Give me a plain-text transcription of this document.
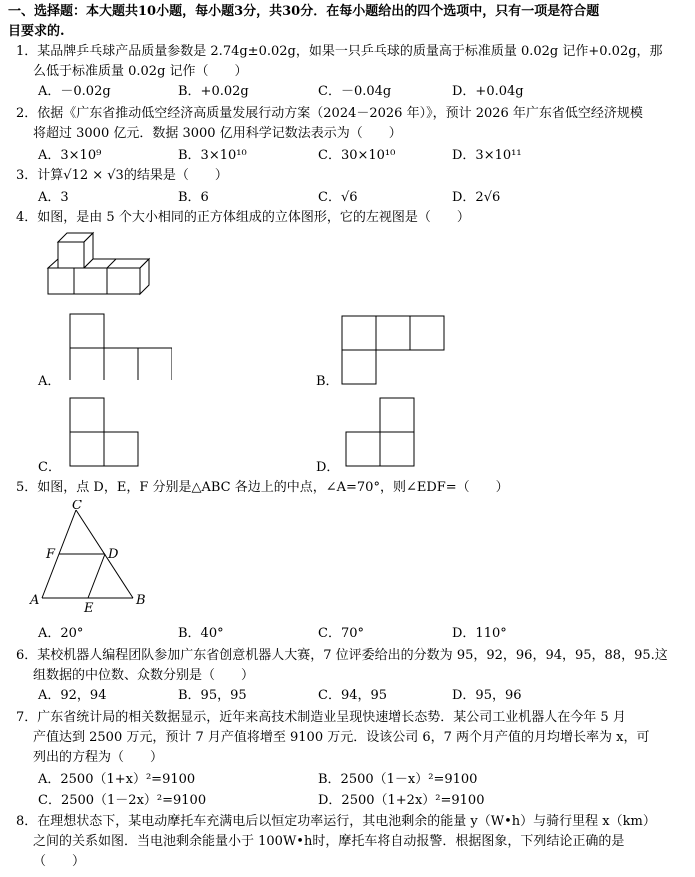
一、选择题：本大题共10小题，每小题3分，共30分．在每小题给出的四个选项中，只有一项是符合题
目要求的.
1．某品牌乒乓球产品质量参数是 2.74g±0.02g，如果一只乒乓球的质量高于标准质量 0.02g 记作+0.02g，那
么低于标准质量 0.02g 记作（　　）
A．－0.02g	B．+0.02g	C．－0.04g	D．+0.04g
2．依据《广东省推动低空经济高质量发展行动方案（2024－2026 年）》，预计 2026 年广东省低空经济规模
将超过 3000 亿元．数据 3000 亿用科学记数法表示为（　　）
A．3×10⁹	B．3×10¹⁰	C．30×10¹⁰	D．3×10¹¹
3．计算√12 × √3的结果是（　　）
A．3	B．6	C．√6	D．2√6
4．如图，是由 5 个大小相同的正方体组成的立体图形，它的左视图是（　　）
A．	B．
C．	D．
5．如图，点 D，E，F 分别是△ABC 各边上的中点，∠A=70°，则∠EDF=（　　）
C
F	D
A
E
B
A．20°	B．40°	C．70°	D．110°
6．某校机器人编程团队参加广东省创意机器人大赛，7 位评委给出的分数为 95，92，96，94，95，88，95.这
组数据的中位数、众数分别是（　　）
A．92，94	B．95，95	C．94，95	D．95，96
7．广东省统计局的相关数据显示，近年来高技术制造业呈现快速增长态势．某公司工业机器人在今年 5 月
产值达到 2500 万元，预计 7 月产值将增至 9100 万元．设该公司 6，7 两个月产值的月均增长率为 x，可
列出的方程为（　　）
A．2500（1+x）²=9100	B．2500（1－x）²=9100
C．2500（1－2x）²=9100	D．2500（1+2x）²=9100
8．在理想状态下，某电动摩托车充满电后以恒定功率运行，其电池剩余的能量 y（W•h）与骑行里程 x（km）
之间的关系如图．当电池剩余能量小于 100W•h时，摩托车将自动报警．根据图象，下列结论正确的是
（　　）
